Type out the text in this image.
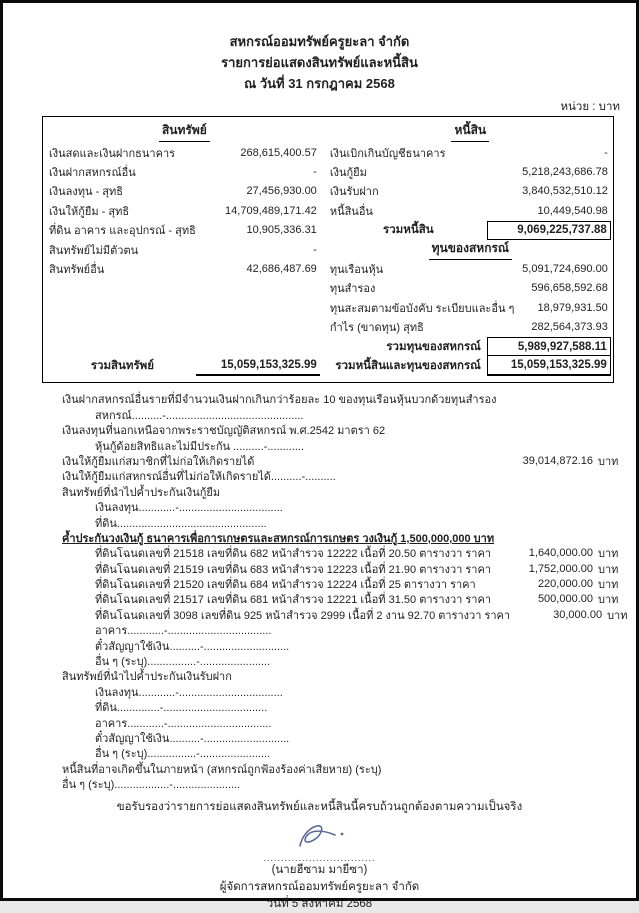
สหกรณ์ออมทรัพย์ครูยะลา จำกัด
รายการย่อแสดงสินทรัพย์และหนี้สิน
ณ วันที่ 31 กรกฎาคม 2568
หน่วย : บาท
สินทรัพย์
เงินสดและเงินฝากธนาคาร	268,615,400.57
เงินฝากสหกรณ์อื่น	-
เงินลงทุน - สุทธิ	27,456,930.00
เงินให้กู้ยืม - สุทธิ	14,709,489,171.42
ที่ดิน อาคาร และอุปกรณ์ - สุทธิ	10,905,336.31
สินทรัพย์ไม่มีตัวตน	-
สินทรัพย์อื่น	42,686,487.69
รวมสินทรัพย์	15,059,153,325.99
หนี้สิน
เงินเบิกเกินบัญชีธนาคาร	-
เงินกู้ยืม	5,218,243,686.78
เงินรับฝาก	3,840,532,510.12
หนี้สินอื่น	10,449,540.98
รวมหนี้สิน	9,069,225,737.88
ทุนของสหกรณ์
ทุนเรือนหุ้น	5,091,724,690.00
ทุนสำรอง	596,658,592.68
ทุนสะสมตามข้อบังคับ ระเบียบและอื่น ๆ	18,979,931.50
กำไร (ขาดทุน) สุทธิ	282,564,373.93
รวมทุนของสหกรณ์	5,989,927,588.11
รวมหนี้สินและทุนของสหกรณ์	15,059,153,325.99
เงินฝากสหกรณ์อื่นรายที่มีจำนวนเงินฝากเกินกว่าร้อยละ 10 ของทุนเรือนหุ้นบวกด้วยทุนสำรอง
สหกรณ์..........-.............................................
เงินลงทุนที่นอกเหนือจากพระราชบัญญัติสหกรณ์ พ.ศ.2542 มาตรา 62
หุ้นกู้ด้อยสิทธิและไม่มีประกัน ..........-............
เงินให้กู้ยืมแก่สมาชิกที่ไม่ก่อให้เกิดรายได้	39,014,872.16 บาท
เงินให้กู้ยืมแก่สหกรณ์อื่นที่ไม่ก่อให้เกิดรายได้..........-..........
สินทรัพย์ที่นำไปค้ำประกันเงินกู้ยืม
เงินลงทุน............-..................................
ที่ดิน.................................................
ค้ำประกันวงเงินกู้ ธนาคารเพื่อการเกษตรและสหกรณ์การเกษตร วงเงินกู้ 1,500,000,000 บาท
ที่ดินโฉนดเลขที่ 21518 เลขที่ดิน 682 หน้าสำรวจ 12222 เนื้อที่ 20.50 ตารางวา ราคา	1,640,000.00 บาท
ที่ดินโฉนดเลขที่ 21519 เลขที่ดิน 683 หน้าสำรวจ 12223 เนื้อที่ 21.90 ตารางวา ราคา	1,752,000.00 บาท
ที่ดินโฉนดเลขที่ 21520 เลขที่ดิน 684 หน้าสำรวจ 12224 เนื้อที่ 25 ตารางวา ราคา	220,000.00 บาท
ที่ดินโฉนดเลขที่ 21517 เลขที่ดิน 681 หน้าสำรวจ 12221 เนื้อที่ 31.50 ตารางวา ราคา	500,000.00 บาท
ที่ดินโฉนดเลขที่ 3098 เลขที่ดิน 925 หน้าสำรวจ 2999 เนื้อที่ 2 งาน 92.70 ตารางวา ราคา	30,000.00 บาท
อาคาร............-..................................
ตั๋วสัญญาใช้เงิน..........-............................
อื่น ๆ (ระบุ)................-.......................
สินทรัพย์ที่นำไปค้ำประกันเงินรับฝาก
เงินลงทุน............-..................................
ที่ดิน..............-..................................
อาคาร............-..................................
ตั๋วสัญญาใช้เงิน..........-............................
อื่น ๆ (ระบุ)................-.......................
หนี้สินที่อาจเกิดขึ้นในภายหน้า (สหกรณ์ถูกฟ้องร้องค่าเสียหาย) (ระบุ)
อื่น ๆ (ระบุ)..................-......................
ขอรับรองว่ารายการย่อแสดงสินทรัพย์และหนี้สินนี้ครบถ้วนถูกต้องตามความเป็นจริง
................................
(นายฮีซาม มายีซา)
ผู้จัดการสหกรณ์ออมทรัพย์ครูยะลา จำกัด
วันที่ 5 สิงหาคม 2568
